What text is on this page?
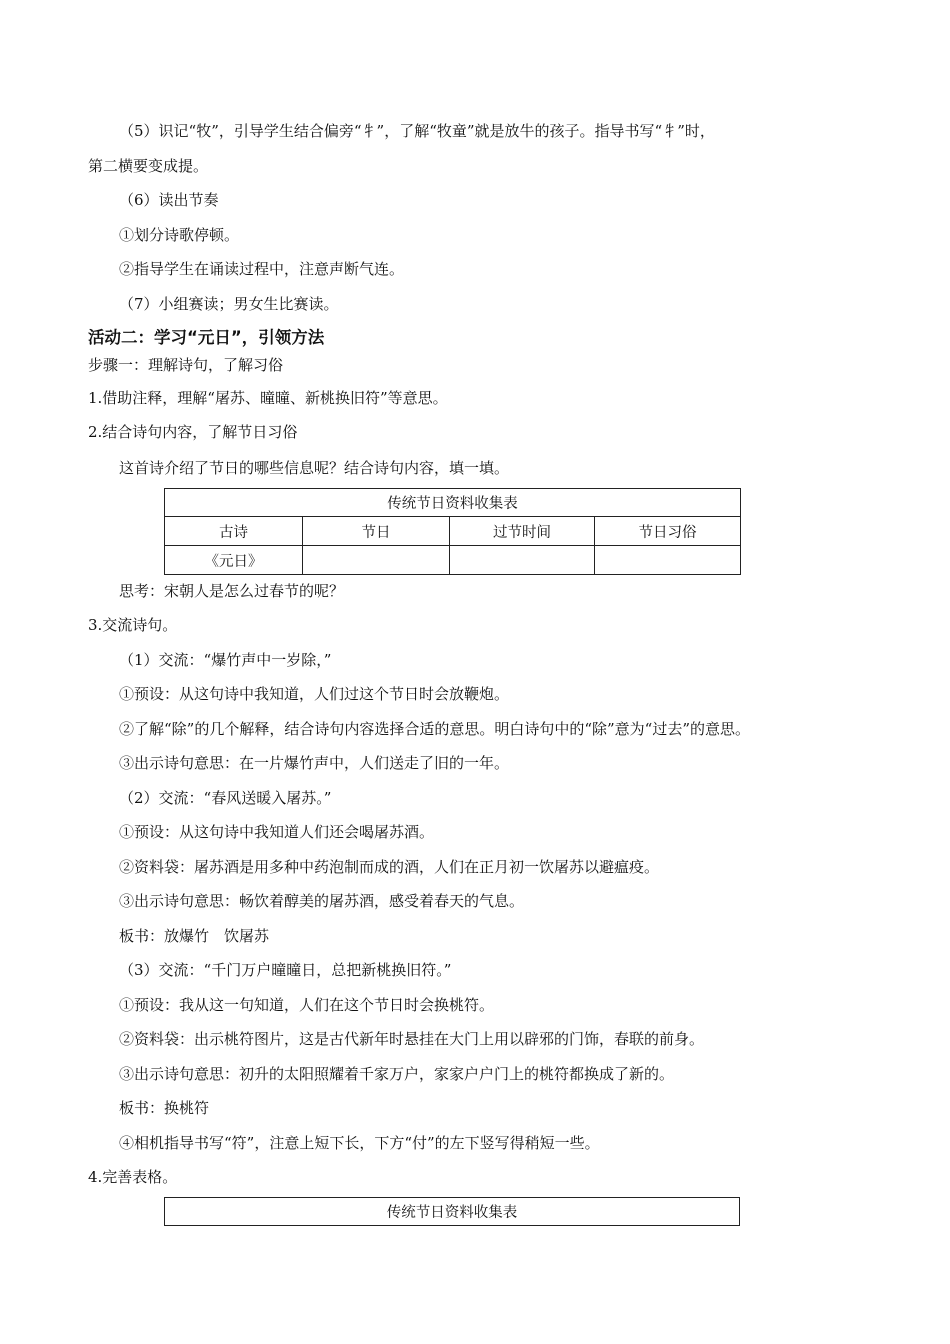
（5）识记“牧”，引导学生结合偏旁“牜”，了解“牧童”就是放牛的孩子。指导书写“牜”时，
第二横要变成提。
（6）读出节奏
①划分诗歌停顿。
②指导学生在诵读过程中，注意声断气连。
（7）小组赛读；男女生比赛读。
活动二：学习“元日”，引领方法
步骤一：理解诗句，了解习俗
1.借助注释，理解“屠苏、曈曈、新桃换旧符”等意思。
2.结合诗句内容，了解节日习俗
这首诗介绍了节日的哪些信息呢？结合诗句内容，填一填。
传统节日资料收集表			
古诗	节日	过节时间	节日习俗
《元日》			
思考：宋朝人是怎么过春节的呢？
3.交流诗句。
（1）交流：“爆竹声中一岁除，”
①预设：从这句诗中我知道，人们过这个节日时会放鞭炮。
②了解“除”的几个解释，结合诗句内容选择合适的意思。明白诗句中的“除”意为“过去”的意思。
③出示诗句意思：在一片爆竹声中，人们送走了旧的一年。
（2）交流：“春风送暖入屠苏。”
①预设：从这句诗中我知道人们还会喝屠苏酒。
②资料袋：屠苏酒是用多种中药泡制而成的酒，人们在正月初一饮屠苏以避瘟疫。
③出示诗句意思：畅饮着醇美的屠苏酒，感受着春天的气息。
板书：放爆竹　饮屠苏
（3）交流：“千门万户曈曈日，总把新桃换旧符。”
①预设：我从这一句知道，人们在这个节日时会换桃符。
②资料袋：出示桃符图片，这是古代新年时悬挂在大门上用以辟邪的门饰，春联的前身。
③出示诗句意思：初升的太阳照耀着千家万户，家家户户门上的桃符都换成了新的。
板书：换桃符
④相机指导书写“符”，注意上短下长，下方“付”的左下竖写得稍短一些。
4.完善表格。
传统节日资料收集表
